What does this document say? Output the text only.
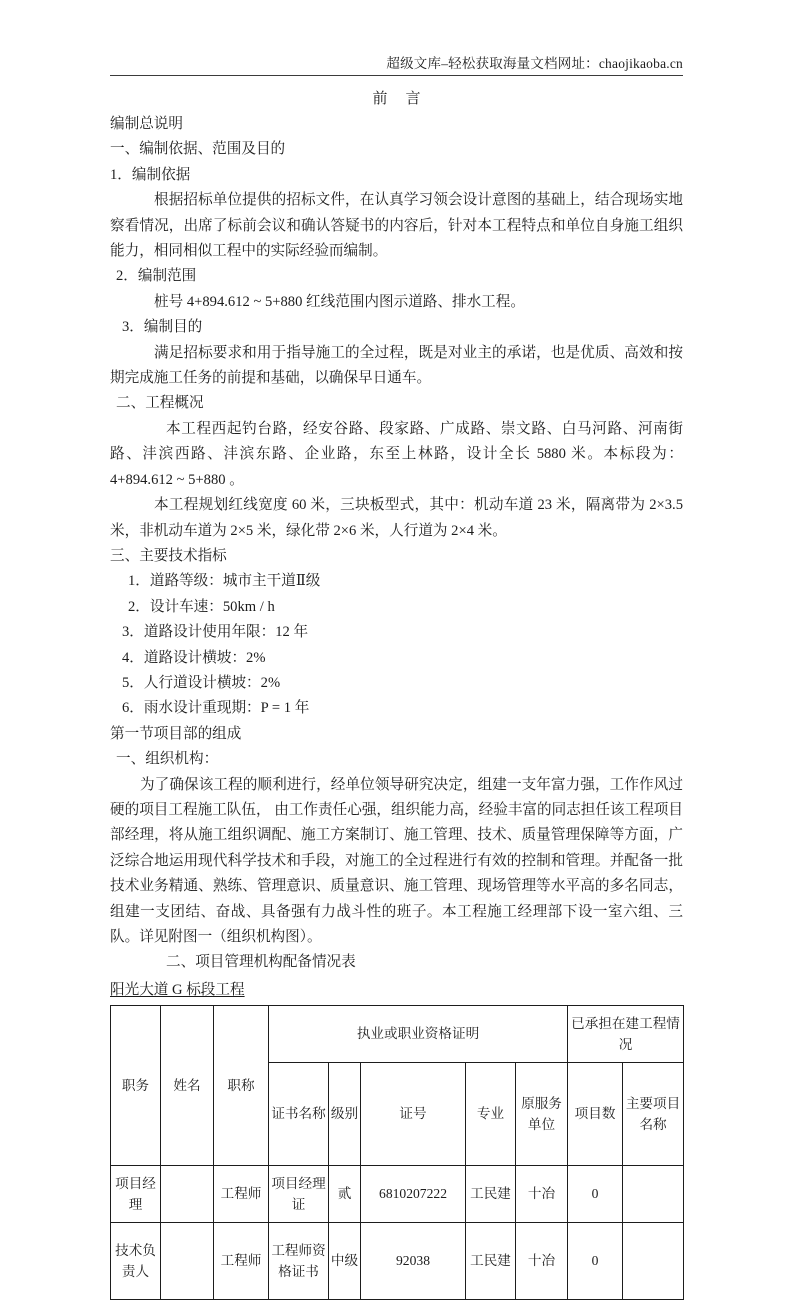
超级文库–轻松获取海量文档网址：chaojikaoba.cn
前言

编制总说明

一、编制依据、范围及目的

1．编制依据

根据招标单位提供的招标文件，在认真学习领会设计意图的基础上，结合现场实地察看情况，出席了标前会议和确认答疑书的内容后，针对本工程特点和单位自身施工组织能力，相同相似工程中的实际经验而编制。

2．编制范围

桩号 4+894.612 ~ 5+880 红线范围内图示道路、排水工程。

3．编制目的

满足招标要求和用于指导施工的全过程，既是对业主的承诺，也是优质、高效和按期完成施工任务的前提和基础，以确保早日通车。

二、工程概况

本工程西起钓台路，经安谷路、段家路、广成路、崇文路、白马河路、河南街路、沣滨西路、沣滨东路、企业路，东至上林路，设计全长 5880 米。本标段为：4+894.612 ~ 5+880 。

本工程规划红线宽度 60 米，三块板型式，其中：机动车道 23 米，隔离带为 2×3.5 米，非机动车道为 2×5 米，绿化带 2×6 米，人行道为 2×4 米。

三、主要技术指标

1．道路等级：城市主干道Ⅱ级

2．设计车速：50km / h

3．道路设计使用年限：12 年

4．道路设计横坡：2%

5．人行道设计横坡：2%

6．雨水设计重现期：P = 1 年

第一节项目部的组成

一、组织机构：

为了确保该工程的顺利进行，经单位领导研究决定，组建一支年富力强，工作作风过硬的项目工程施工队伍， 由工作责任心强，组织能力高，经验丰富的同志担任该工程项目部经理，将从施工组织调配、施工方案制订、施工管理、技术、质量管理保障等方面，广泛综合地运用现代科学技术和手段，对施工的全过程进行有效的控制和管理。并配备一批技术业务精通、熟练、管理意识、质量意识、施工管理、现场管理等水平高的多名同志，组建一支团结、奋战、具备强有力战斗性的班子。本工程施工经理部下设一室六组、三队。详见附图一（组织机构图）。

二、项目管理机构配备情况表

阳光大道 G 标段工程
职务	姓名	职称	执业或职业资格证明					已承担在建工程情况	
			证书名称	级别	证号	专业	原服务单位	项目数	主要项目名称
项目经理		工程师	项目经理证	贰	6810207222	工民建	十冶	0	
技术负责人		工程师	工程师资格证书	中级	92038	工民建	十冶	0	
